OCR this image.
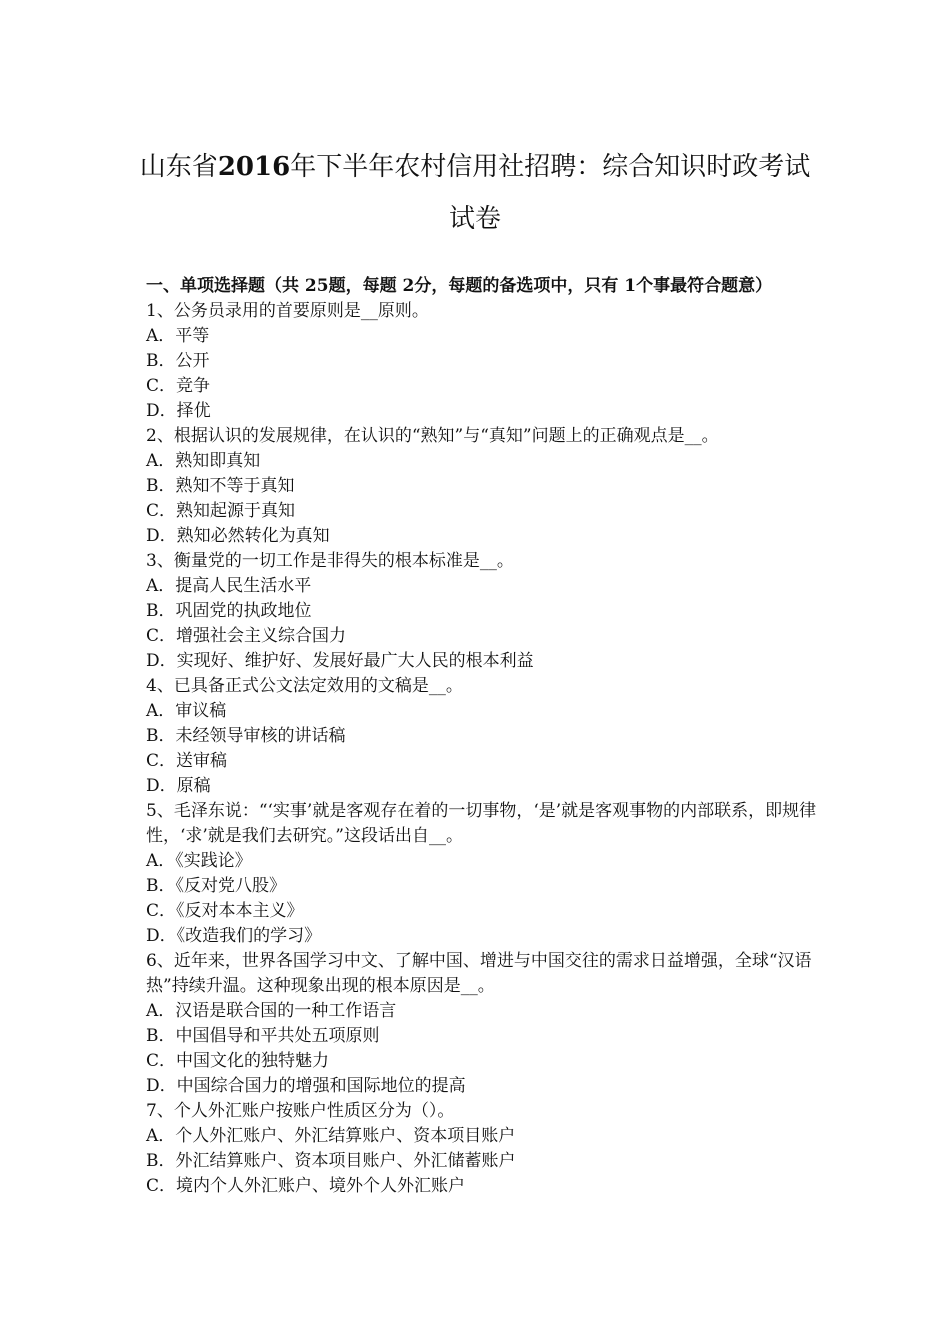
山东省2016年下半年农村信用社招聘：综合知识时政考试
试卷

一、单项选择题（共 25题，每题 2分，每题的备选项中，只有 1个事最符合题意）

1、公务员录用的首要原则是__原则。

A．平等

B．公开

C．竞争

D．择优

2、根据认识的发展规律，在认识的“熟知”与“真知”问题上的正确观点是__。

A．熟知即真知

B．熟知不等于真知

C．熟知起源于真知

D．熟知必然转化为真知

3、衡量党的一切工作是非得失的根本标准是__。

A．提高人民生活水平

B．巩固党的执政地位

C．增强社会主义综合国力

D．实现好、维护好、发展好最广大人民的根本利益

4、已具备正式公文法定效用的文稿是__。

A．审议稿

B．未经领导审核的讲话稿

C．送审稿

D．原稿

5、毛泽东说：“‘实事’就是客观存在着的一切事物，‘是’就是客观事物的内部联系，即规律性，‘求’就是我们去研究。”这段话出自__。

A．《实践论》

B．《反对党八股》

C．《反对本本主义》

D．《改造我们的学习》

6、近年来，世界各国学习中文、了解中国、增进与中国交往的需求日益增强，全球“汉语热”持续升温。这种现象出现的根本原因是__。

A．汉语是联合国的一种工作语言

B．中国倡导和平共处五项原则

C．中国文化的独特魅力

D．中国综合国力的增强和国际地位的提高

7、个人外汇账户按账户性质区分为（）。

A．个人外汇账户、外汇结算账户、资本项目账户

B．外汇结算账户、资本项目账户、外汇储蓄账户

C．境内个人外汇账户、境外个人外汇账户
